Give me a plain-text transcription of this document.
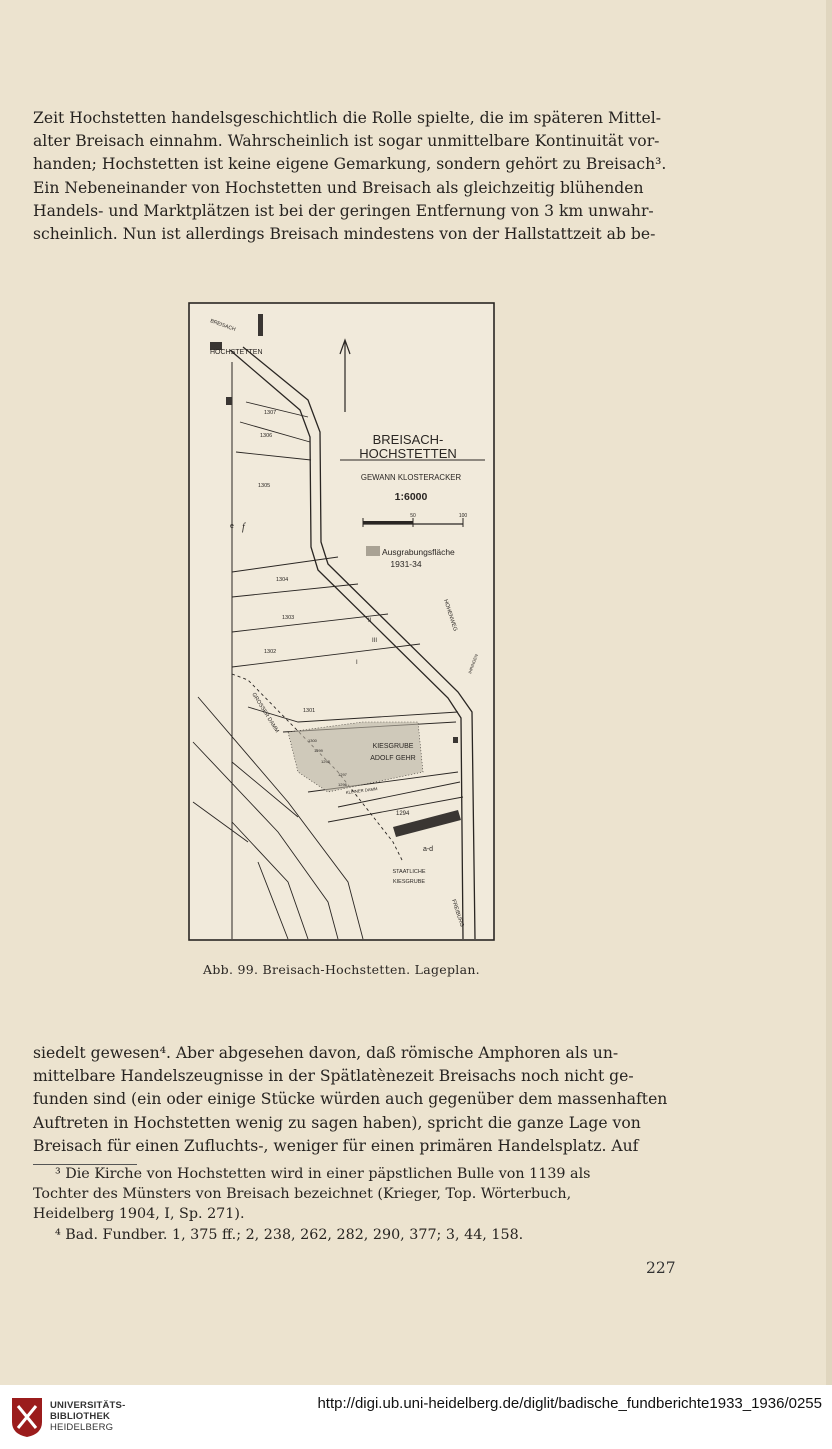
Zeit Hochstetten handelsgeschichtlich die Rolle spielte, die im späteren Mittel-
alter Breisach einnahm. Wahrscheinlich ist sogar unmittelbare Kontinuität vor-
handen; Hochstetten ist keine eigene Gemarkung, sondern gehört zu Breisach³.
Ein Nebeneinander von Hochstetten und Breisach als gleichzeitig blühenden
Handels- und Marktplätzen ist bei der geringen Entfernung von 3 km unwahr-
scheinlich. Nun ist allerdings Breisach mindestens von der Hallstattzeit ab be-

BREISACH-
HOCHSTETTEN
GEWANN KLOSTERACKER
1:6000
50	100
Ausgrabungsfläche
1931-34
BREISACH
HOCHSTETTEN
1307
1306
1305
1304
1303
1302
1301
1294
1300
1299
1298
1297
1296
e f
II
III
I
GROSSER DAMM
KLEINER DAMM
KIESGRUBE
ADOLF GEHR
a-d
STAATLICHE
KIESGRUBE
HOHENWEG
FREIBURG
IHRINGEN
Abb. 99. Breisach-Hochstetten. Lageplan.

siedelt gewesen⁴. Aber abgesehen davon, daß römische Amphoren als un-
mittelbare Handelszeugnisse in der Spätlatènezeit Breisachs noch nicht ge-
funden sind (ein oder einige Stücke würden auch gegenüber dem massenhaften
Auftreten in Hochstetten wenig zu sagen haben), spricht die ganze Lage von
Breisach für einen Zufluchts-, weniger für einen primären Handelsplatz. Auf

³ Die Kirche von Hochstetten wird in einer päpstlichen Bulle von 1139 als
Tochter des Münsters von Breisach bezeichnet (Krieger, Top. Wörterbuch,
Heidelberg 1904, I, Sp. 271).

⁴ Bad. Fundber. 1, 375 ff.; 2, 238, 262, 282, 290, 377; 3, 44, 158.

227
UNIVERSITÄTS-
BIBLIOTHEK
HEIDELBERG
http://digi.ub.uni-heidelberg.de/diglit/badische_fundberichte1933_1936/0255
